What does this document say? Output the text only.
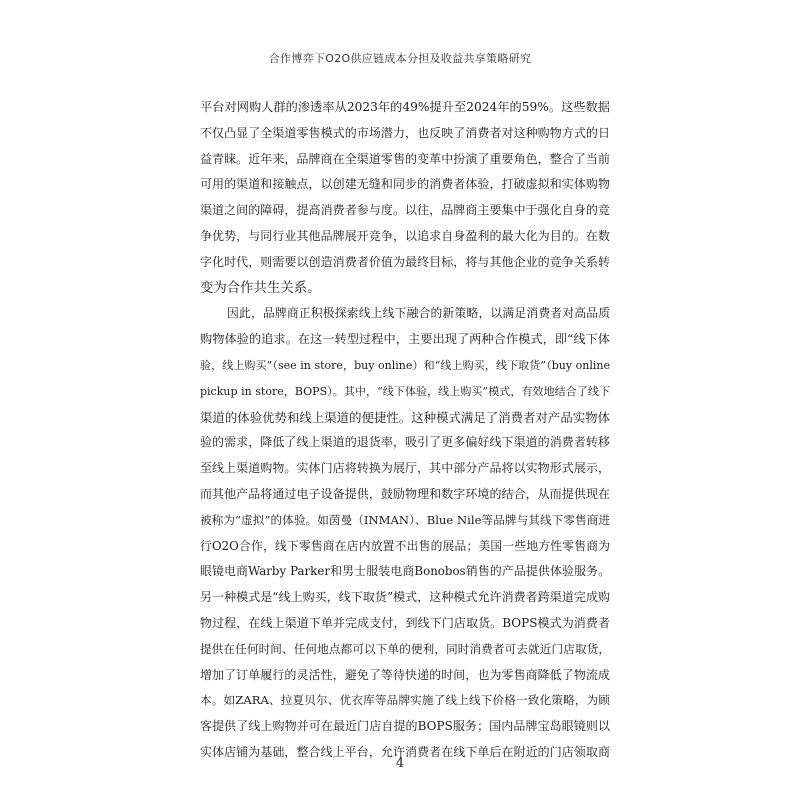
合作博弈下O2O供应链成本分担及收益共享策略研究
平台对网购人群的渗透率从2023年的49%提升至2024年的59%。这些数据
不仅凸显了全渠道零售模式的市场潜力，也反映了消费者对这种购物方式的日
益青睐。近年来，品牌商在全渠道零售的变革中扮演了重要角色，整合了当前
可用的渠道和接触点，以创建无缝和同步的消费者体验，打破虚拟和实体购物
渠道之间的障碍，提高消费者参与度。以往，品牌商主要集中于强化自身的竞
争优势，与同行业其他品牌展开竞争，以追求自身盈利的最大化为目的。在数
字化时代，则需要以创造消费者价值为最终目标，将与其他企业的竞争关系转
变为合作共生关系。
因此，品牌商正积极探索线上线下融合的新策略，以满足消费者对高品质
购物体验的追求。在这一转型过程中，主要出现了两种合作模式，即“线下体
验，线上购买”（see in store，buy online）和“线上购买，线下取货”（buy online
pickup in store，BOPS）。其中，“线下体验，线上购买”模式，有效地结合了线下
渠道的体验优势和线上渠道的便捷性。这种模式满足了消费者对产品实物体
验的需求，降低了线上渠道的退货率，吸引了更多偏好线下渠道的消费者转移
至线上渠道购物。实体门店将转换为展厅，其中部分产品将以实物形式展示，
而其他产品将通过电子设备提供，鼓励物理和数字环境的结合，从而提供现在
被称为“虚拟”的体验。如茵曼（INMAN）、Blue Nile等品牌与其线下零售商进
行O2O合作，线下零售商在店内放置不出售的展品；美国一些地方性零售商为
眼镜电商Warby Parker和男士服装电商Bonobos销售的产品提供体验服务。
另一种模式是“线上购买，线下取货”模式，这种模式允许消费者跨渠道完成购
物过程，在线上渠道下单并完成支付，到线下门店取货。BOPS模式为消费者
提供在任何时间、任何地点都可以下单的便利，同时消费者可去就近门店取货，
增加了订单履行的灵活性，避免了等待快递的时间，也为零售商降低了物流成
本。如ZARA、拉夏贝尔、优衣库等品牌实施了线上线下价格一致化策略，为顾
客提供了线上购物并可在最近门店自提的BOPS服务；国内品牌宝岛眼镜则以
实体店铺为基础，整合线上平台，允许消费者在线下单后在附近的门店领取商
4
